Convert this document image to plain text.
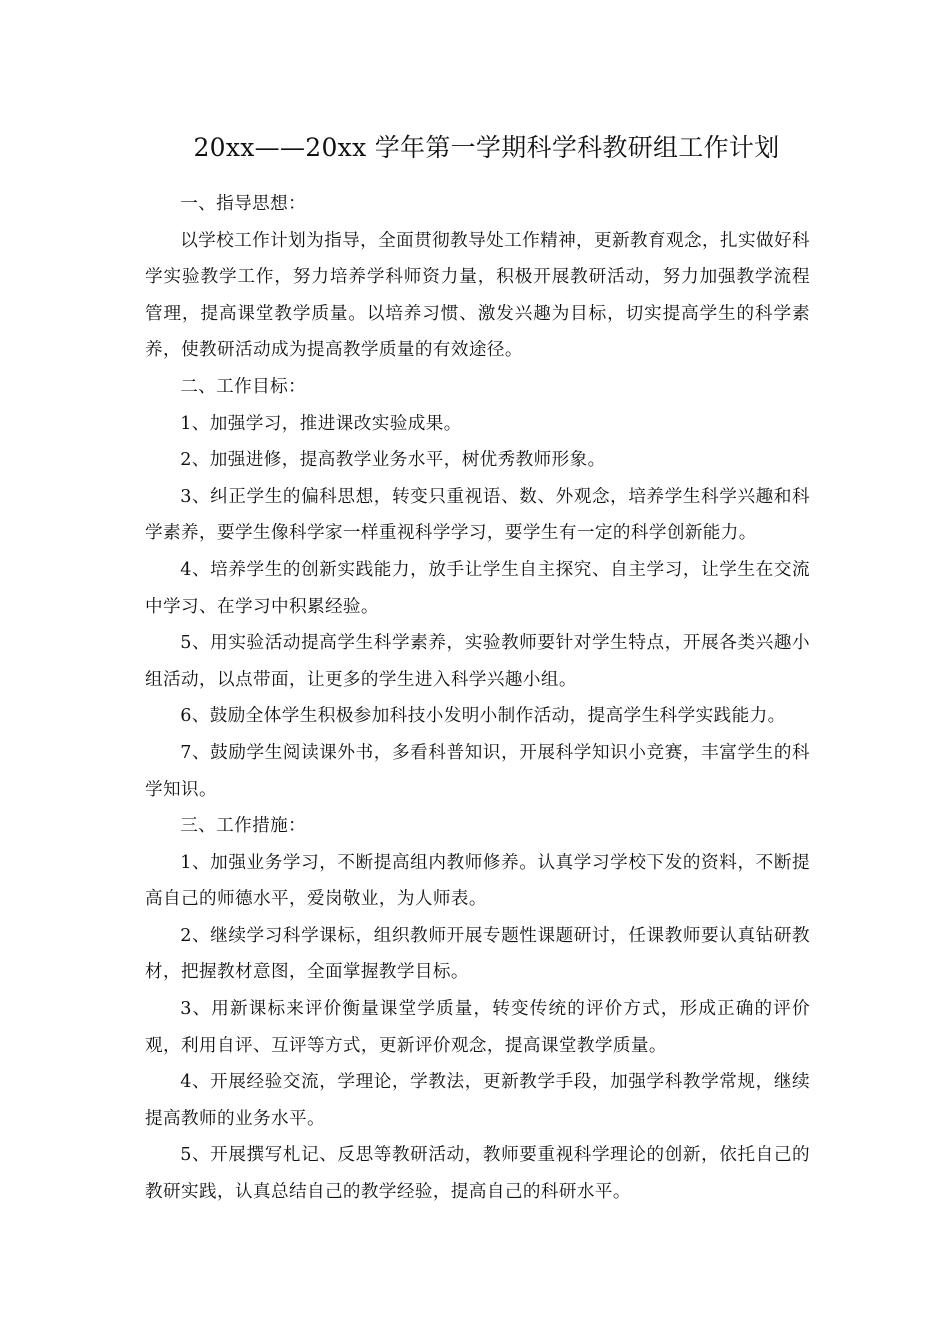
20xx——20xx 学年第一学期科学科教研组工作计划

一、指导思想：

以学校工作计划为指导，全面贯彻教导处工作精神，更新教育观念，扎实做好科学实验教学工作，努力培养学科师资力量，积极开展教研活动，努力加强教学流程管理，提高课堂教学质量。以培养习惯、激发兴趣为目标，切实提高学生的科学素养，使教研活动成为提高教学质量的有效途径。

二、工作目标：

1、加强学习，推进课改实验成果。

2、加强进修，提高教学业务水平，树优秀教师形象。

3、纠正学生的偏科思想，转变只重视语、数、外观念，培养学生科学兴趣和科学素养，要学生像科学家一样重视科学学习，要学生有一定的科学创新能力。

4、培养学生的创新实践能力，放手让学生自主探究、自主学习，让学生在交流中学习、在学习中积累经验。

5、用实验活动提高学生科学素养，实验教师要针对学生特点，开展各类兴趣小组活动，以点带面，让更多的学生进入科学兴趣小组。

6、鼓励全体学生积极参加科技小发明小制作活动，提高学生科学实践能力。

7、鼓励学生阅读课外书，多看科普知识，开展科学知识小竞赛，丰富学生的科学知识。

三、工作措施：

1、加强业务学习，不断提高组内教师修养。认真学习学校下发的资料，不断提高自己的师德水平，爱岗敬业，为人师表。

2、继续学习科学课标，组织教师开展专题性课题研讨，任课教师要认真钻研教材，把握教材意图，全面掌握教学目标。

3、用新课标来评价衡量课堂学质量，转变传统的评价方式，形成正确的评价观，利用自评、互评等方式，更新评价观念，提高课堂教学质量。

4、开展经验交流，学理论，学教法，更新教学手段，加强学科教学常规，继续提高教师的业务水平。

5、开展撰写札记、反思等教研活动，教师要重视科学理论的创新，依托自己的教研实践，认真总结自己的教学经验，提高自己的科研水平。
